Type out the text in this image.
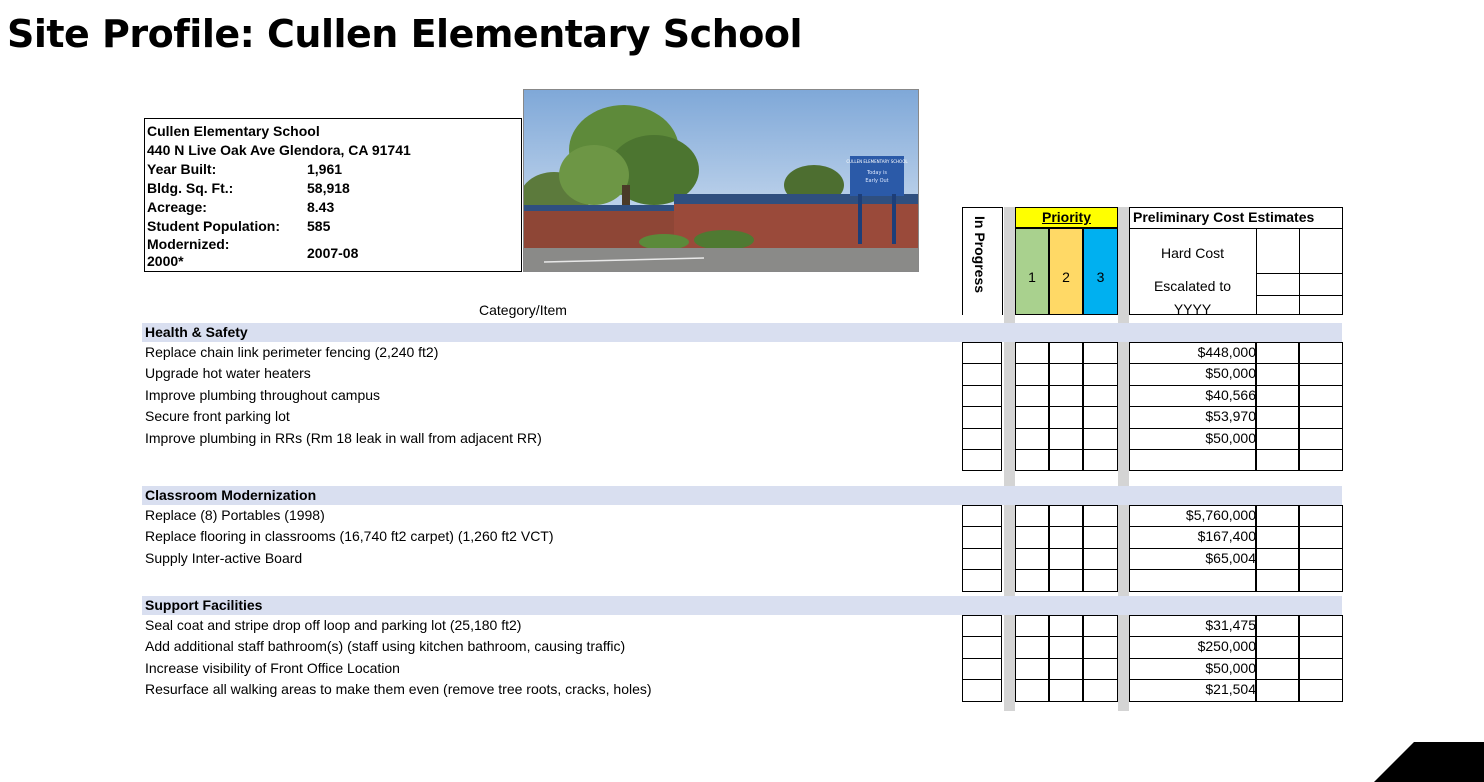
Site Profile: Cullen Elementary School
Cullen Elementary School
440 N Live Oak Ave Glendora, CA 91741
Year Built:	1,961
Bldg. Sq. Ft.:	58,918
Acreage:	8.43
Student Population: 585
Modernized:
2000*	2007-08
CULLEN ELEMENTARY SCHOOL
Today is
Early Out
Category/Item
In Progress	Priority
1	2	3
Preliminary Cost Estimates
Hard Cost
Escalated to
YYYY
Health & Safety
Replace chain link perimeter fencing (2,240 ft2)	$448,000
Upgrade hot water heaters	$50,000
Improve plumbing throughout campus	$40,566
Secure front parking lot	$53,970
Improve plumbing in RRs (Rm 18 leak in wall from adjacent RR)	$50,000
Classroom Modernization
Replace (8) Portables (1998)	$5,760,000
Replace flooring in classrooms (16,740 ft2 carpet) (1,260 ft2 VCT)	$167,400
Supply Inter-active Board	$65,004
Support Facilities
Seal coat and stripe drop off loop and parking lot (25,180 ft2)	$31,475
Add additional staff bathroom(s) (staff using kitchen bathroom, causing traffic)	$250,000
Increase visibility of Front Office Location	$50,000
Resurface all walking areas to make them even (remove tree roots, cracks, holes)	$21,504
